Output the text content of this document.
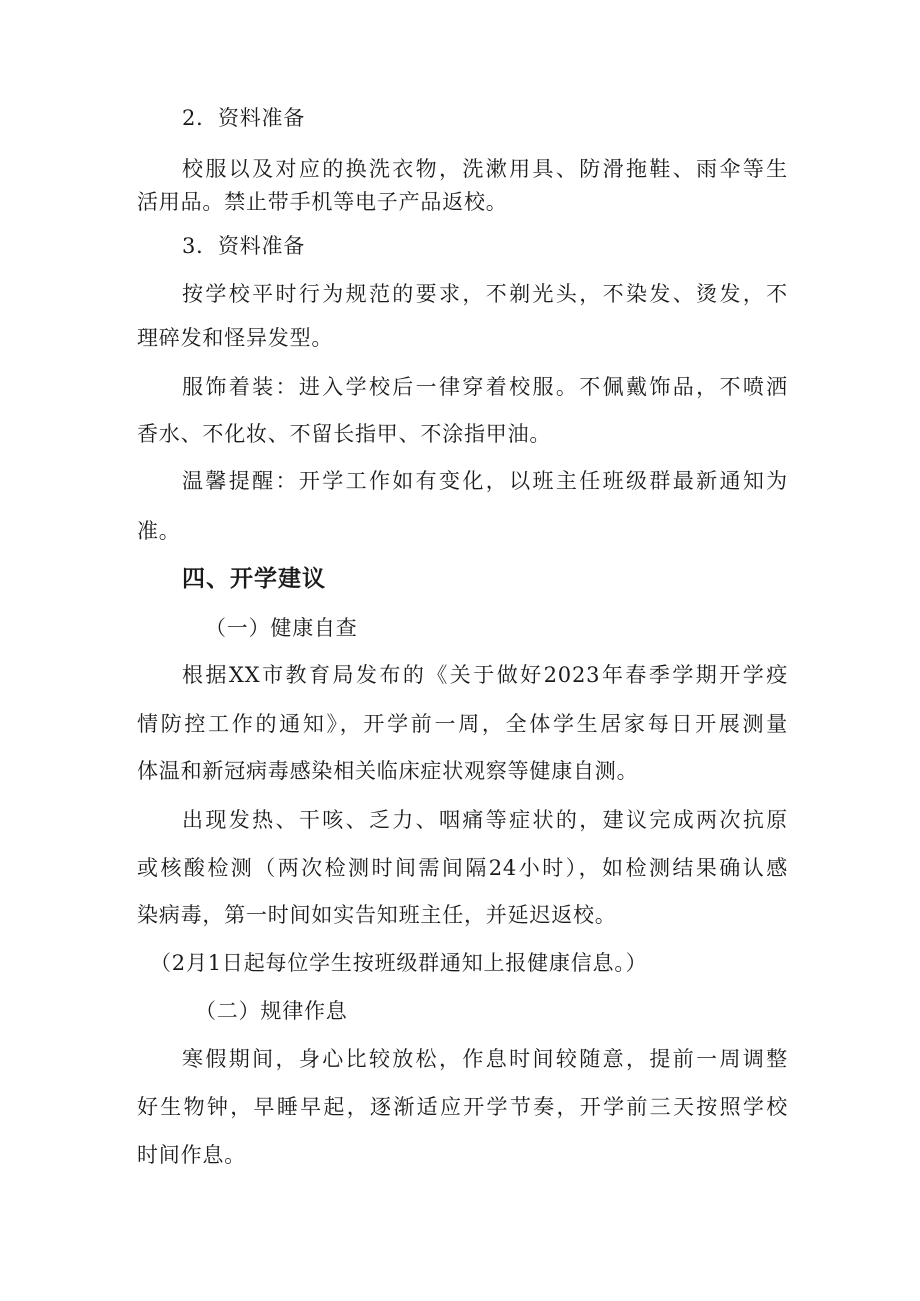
2．资料准备
校服以及对应的换洗衣物，洗漱用具、防滑拖鞋、雨伞等生
活用品。禁止带手机等电子产品返校。
3．资料准备
按学校平时行为规范的要求，不剃光头，不染发、烫发，不
理碎发和怪异发型。
服饰着装：进入学校后一律穿着校服。不佩戴饰品，不喷洒
香水、不化妆、不留长指甲、不涂指甲油。
温馨提醒：开学工作如有变化，以班主任班级群最新通知为
准。
四、开学建议
（一）健康自查
根据XX市教育局发布的《关于做好2023年春季学期开学疫
情防控工作的通知》，开学前一周，全体学生居家每日开展测量
体温和新冠病毒感染相关临床症状观察等健康自测。
出现发热、干咳、乏力、咽痛等症状的，建议完成两次抗原
或核酸检测（两次检测时间需间隔24小时），如检测结果确认感
染病毒，第一时间如实告知班主任，并延迟返校。
（2月1日起每位学生按班级群通知上报健康信息。）
（二）规律作息
寒假期间，身心比较放松，作息时间较随意，提前一周调整
好生物钟，早睡早起，逐渐适应开学节奏，开学前三天按照学校
时间作息。
